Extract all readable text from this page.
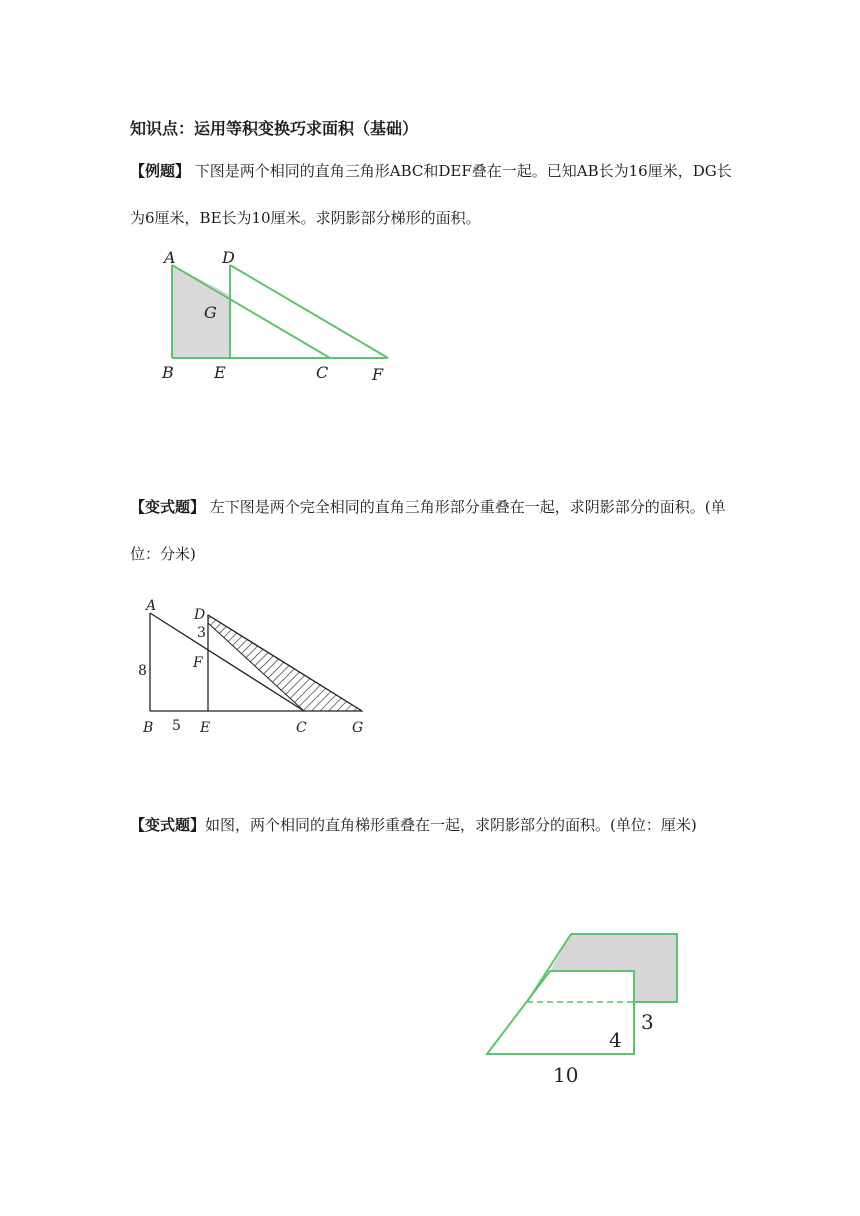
知识点：运用等积变换巧求面积（基础）
【例题】 下图是两个相同的直角三角形ABC和DEF叠在一起。已知AB长为16厘米，DG长为6厘米，BE长为10厘米。求阴影部分梯形的面积。
A	D
G
B	E	C	F
【变式题】 左下图是两个完全相同的直角三角形部分重叠在一起，求阴影部分的面积。(单位：分米)
A
D
3
F
8
B 5 E	C	G
【变式题】如图，两个相同的直角梯形重叠在一起，求阴影部分的面积。(单位：厘米)
3
4
10
